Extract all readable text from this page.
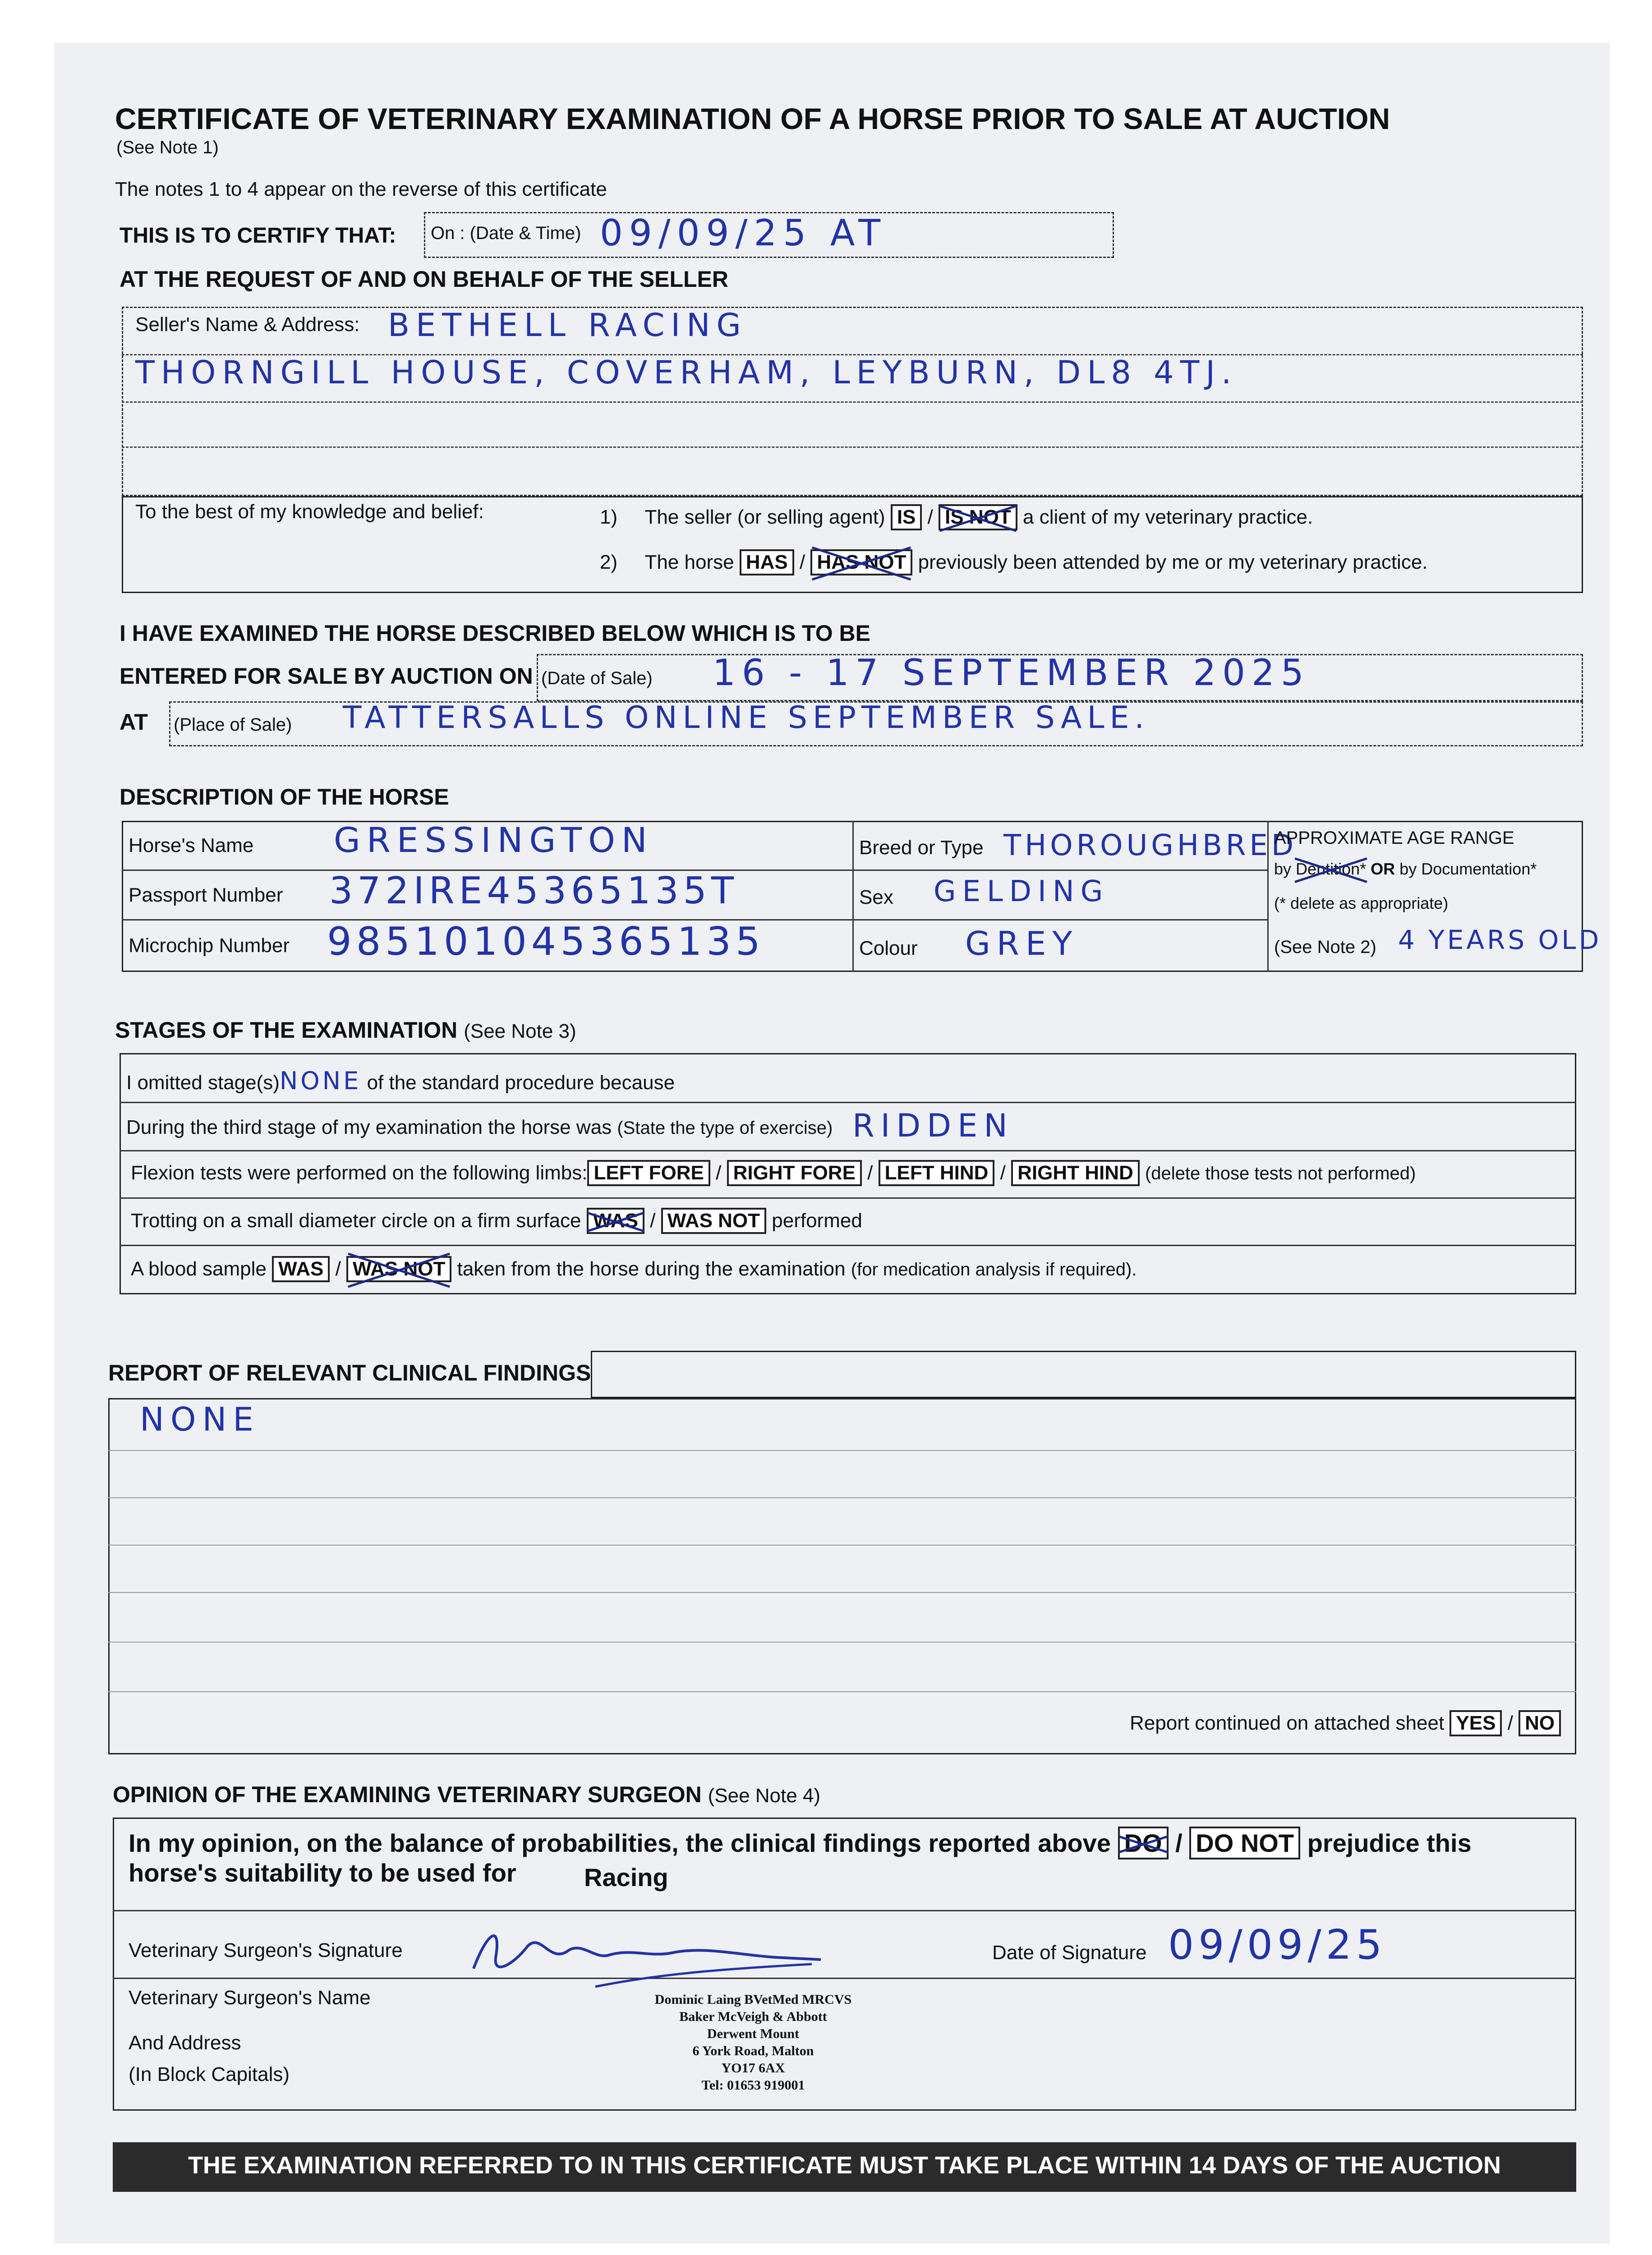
CERTIFICATE OF VETERINARY EXAMINATION OF A HORSE PRIOR TO SALE AT AUCTION
(See Note 1)
The notes 1 to 4 appear on the reverse of this certificate
THIS IS TO CERTIFY THAT: On : (Date & Time) 09/09/25 AT
AT THE REQUEST OF AND ON BEHALF OF THE SELLER
Seller's Name & Address: BETHELL RACING
THORNGILL HOUSE, COVERHAM, LEYBURN, DL8 4TJ.
To the best of my knowledge and belief:	1) The seller (or selling agent) IS / IS NOT a client of my veterinary practice.
2) The horse HAS / HAS NOT previously been attended by me or my veterinary practice.
I HAVE EXAMINED THE HORSE DESCRIBED BELOW WHICH IS TO BE
ENTERED FOR SALE BY AUCTION ON (Date of Sale) 16 - 17 SEPTEMBER 2025
AT (Place of Sale) TATTERSALLS ONLINE SEPTEMBER SALE.
DESCRIPTION OF THE HORSE
Horse's Name GRESSINGTON
Passport Number 372IRE45365135T
Microchip Number 985101045365135
Breed or Type THOROUGHBRED
Sex GELDING
Colour GREY
APPROXIMATE AGE RANGE
by Dentition* OR by Documentation*
(* delete as appropriate)
(See Note 2) 4 YEARS OLD
STAGES OF THE EXAMINATION (See Note 3)
I omitted stage(s)NONE of the standard procedure because
During the third stage of my examination the horse was (State the type of exercise) RIDDEN
Flexion tests were performed on the following limbs: LEFT FORE / RIGHT FORE / LEFT HIND / RIGHT HIND (delete those tests not performed)
Trotting on a small diameter circle on a firm surface WAS / WAS NOT performed
A blood sample WAS / WAS NOT taken from the horse during the examination (for medication analysis if required).
REPORT OF RELEVANT CLINICAL FINDINGS
NONE
Report continued on attached sheet YES / NO
OPINION OF THE EXAMINING VETERINARY SURGEON (See Note 4)
In my opinion, on the balance of probabilities, the clinical findings reported above DO / DO NOT prejudice this
horse's suitability to be used for	Racing
Veterinary Surgeon's Signature	Date of Signature 09/09/25
Veterinary Surgeon's Name
And Address
(In Block Capitals)
Dominic Laing BVetMed MRCVS
Baker McVeigh & Abbott
Derwent Mount
6 York Road, Malton
YO17 6AX
Tel: 01653 919001
THE EXAMINATION REFERRED TO IN THIS CERTIFICATE MUST TAKE PLACE WITHIN 14 DAYS OF THE AUCTION
